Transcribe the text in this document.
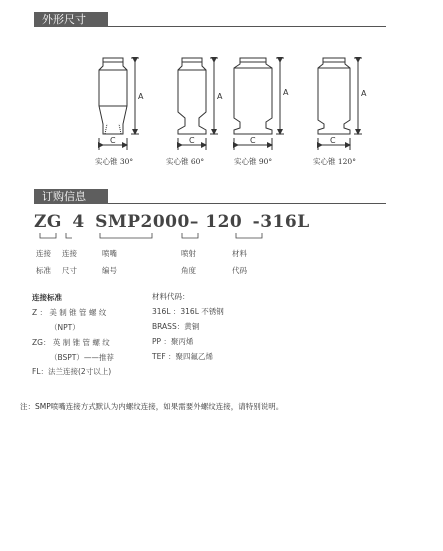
外形尺寸
A
C
A
C
A
C
A
C
实心锥 30°	实心锥 60°	实心锥 90°	实心锥 120°
订购信息
ZG 4 SMP2000– 120 -316L
连接
标准
连接
尺寸
喷嘴
编号
喷射
角度
材料
代码
连接标准
Z ： 美 制 锥 管 螺 纹
（NPT）
ZG： 英 制 锥 管 螺 纹
（BSPT）——推荐
FL：法兰连接(2寸以上)
材料代码：
316L ：316L 不锈钢
BRASS：黄铜
PP ：聚丙烯
TEF ：聚四氟乙烯
注：SMP喷嘴连接方式默认为内螺纹连接，如果需要外螺纹连接，请特别说明。
